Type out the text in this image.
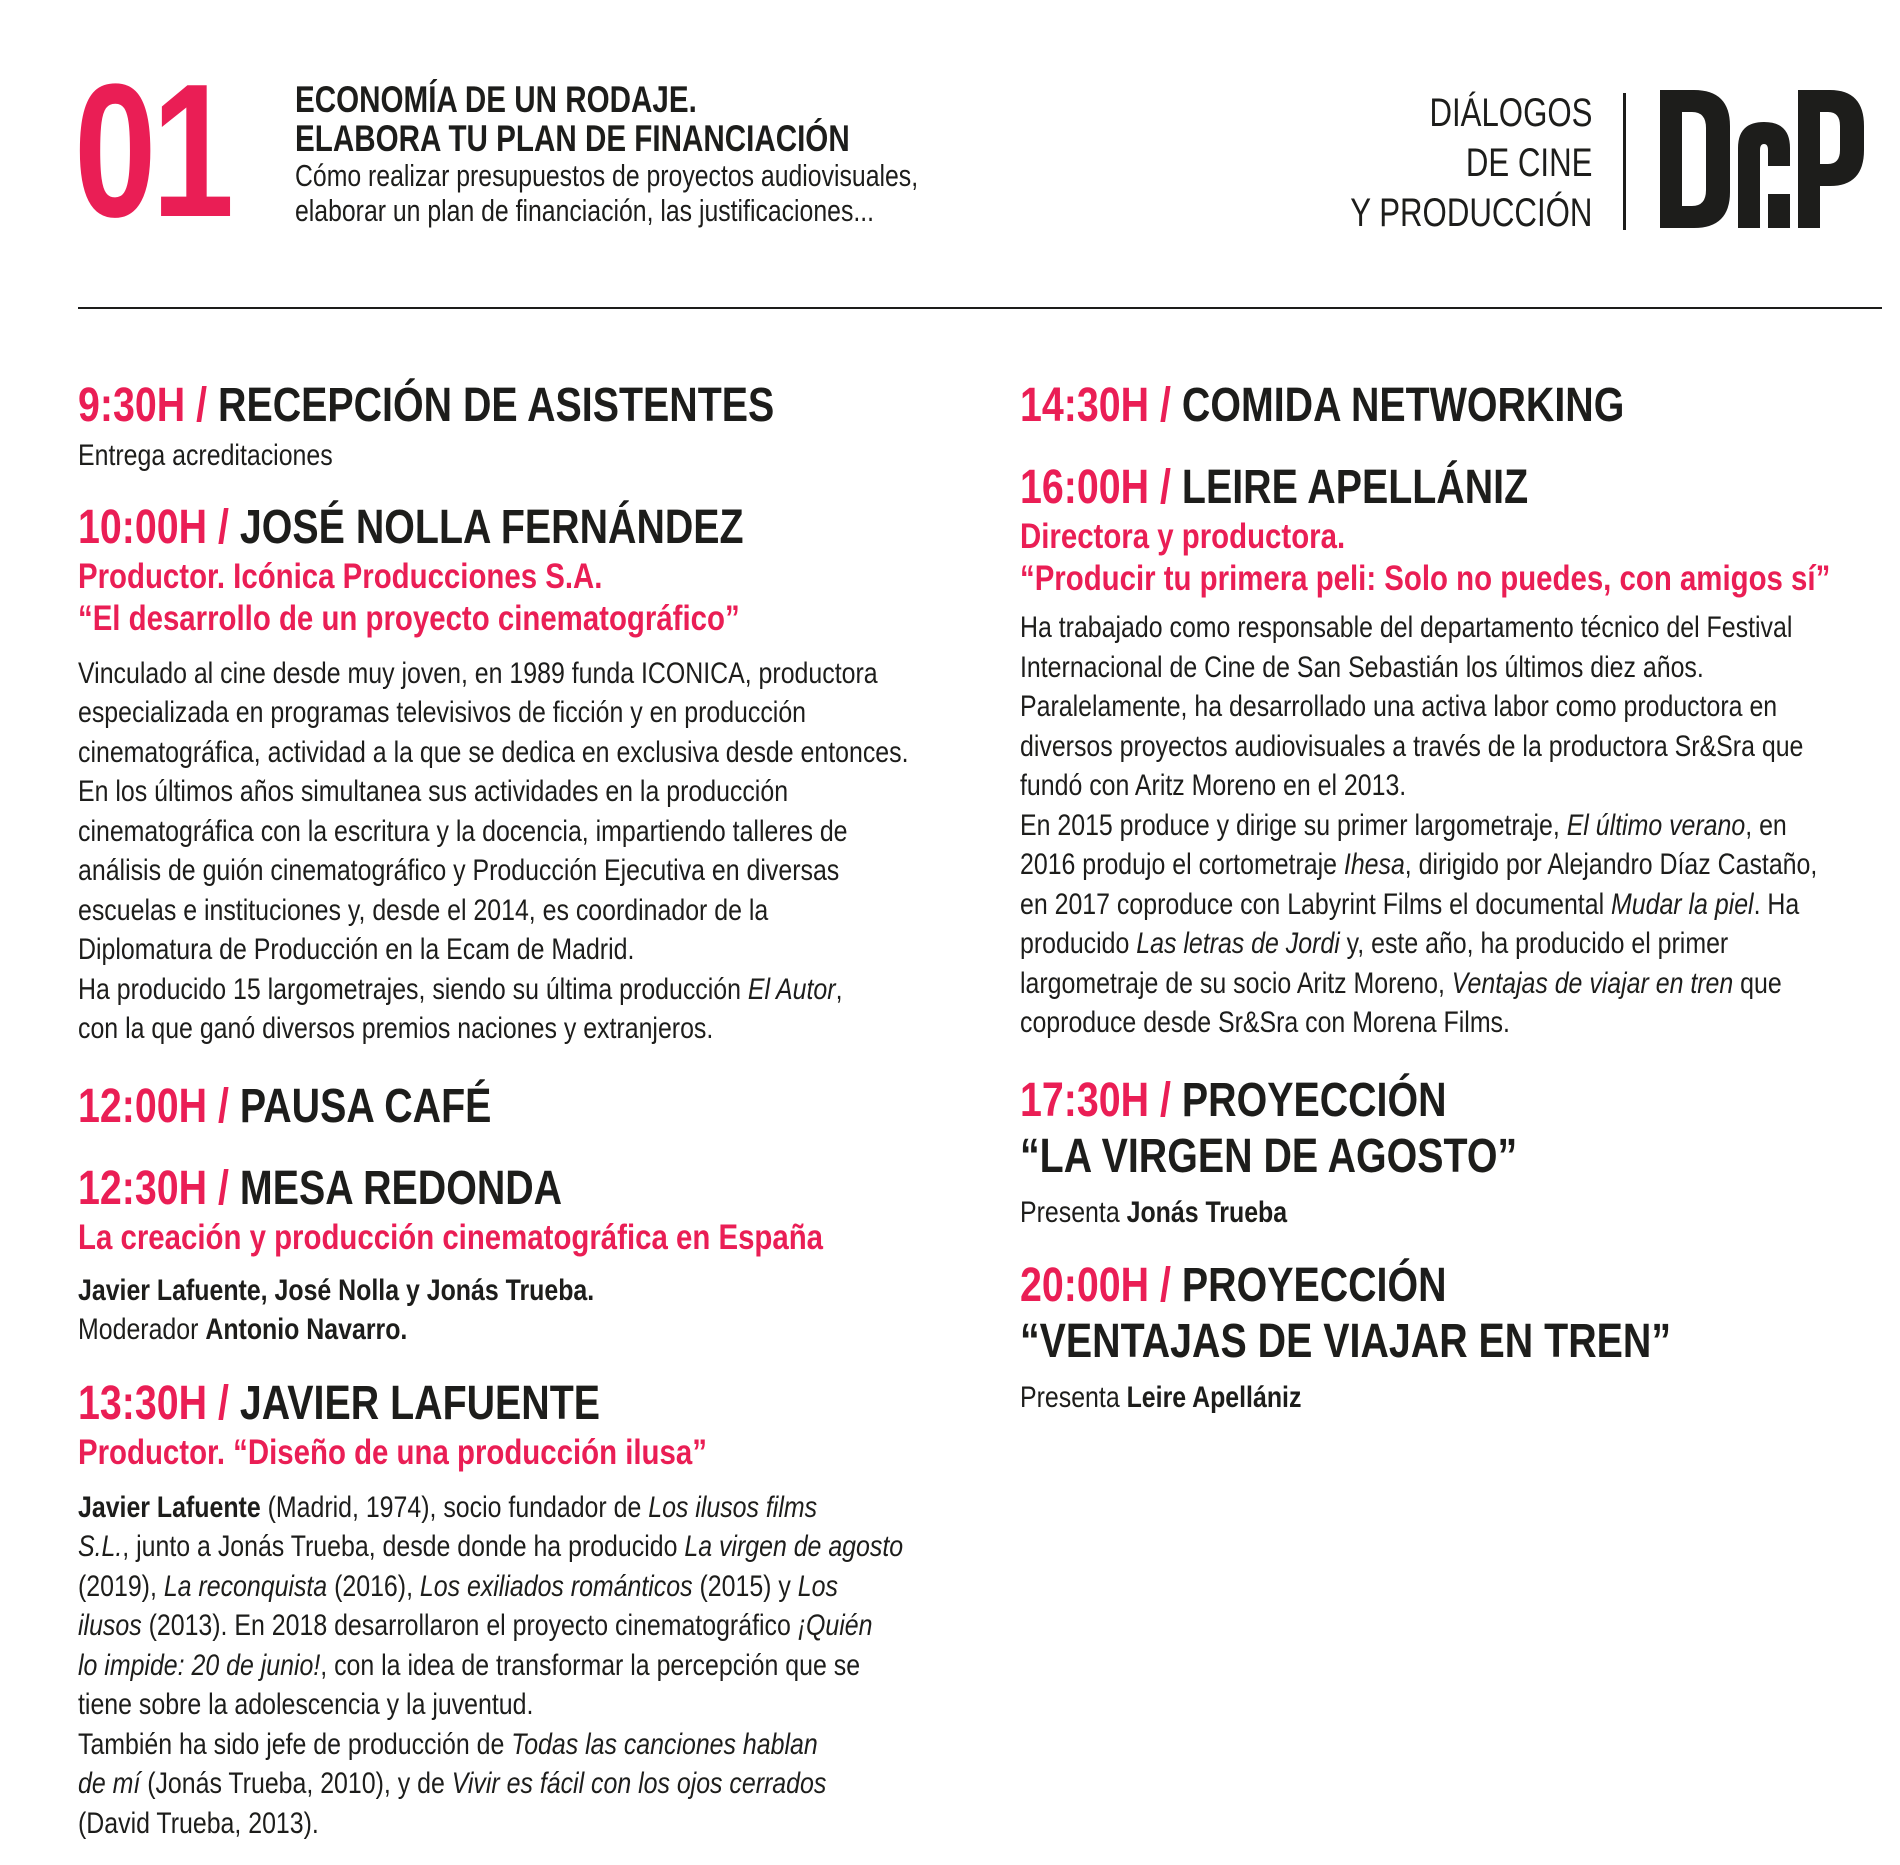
01 ECONOMÍA DE UN RODAJE.
ELABORA TU PLAN DE FINANCIACIÓN
Cómo realizar presupuestos de proyectos audiovisuales,
elaborar un plan de financiación, las justificaciones...
DIÁLOGOS
DE CINE
Y PRODUCCIÓN
9:30H / RECEPCIÓN DE ASISTENTES
Entrega acreditaciones
10:00H / JOSÉ NOLLA FERNÁNDEZ
Productor. Icónica Producciones S.A.
“El desarrollo de un proyecto cinematográfico”
Vinculado al cine desde muy joven, en 1989 funda ICONICA, productora
especializada en programas televisivos de ficción y en producción
cinematográfica, actividad a la que se dedica en exclusiva desde entonces.
En los últimos años simultanea sus actividades en la producción
cinematográfica con la escritura y la docencia, impartiendo talleres de
análisis de guión cinematográfico y Producción Ejecutiva en diversas
escuelas e instituciones y, desde el 2014, es coordinador de la
Diplomatura de Producción en la Ecam de Madrid.
Ha producido 15 largometrajes, siendo su última producción El Autor,
con la que ganó diversos premios naciones y extranjeros.
12:00H / PAUSA CAFÉ
12:30H / MESA REDONDA
La creación y producción cinematográfica en España
Javier Lafuente, José Nolla y Jonás Trueba.
Moderador Antonio Navarro.
13:30H / JAVIER LAFUENTE
Productor. “Diseño de una producción ilusa”
Javier Lafuente (Madrid, 1974), socio fundador de Los ilusos films
S.L., junto a Jonás Trueba, desde donde ha producido La virgen de agosto
(2019), La reconquista (2016), Los exiliados románticos (2015) y Los
ilusos (2013). En 2018 desarrollaron el proyecto cinematográfico ¡Quién
lo impide: 20 de junio!, con la idea de transformar la percepción que se
tiene sobre la adolescencia y la juventud.
También ha sido jefe de producción de Todas las canciones hablan
de mí (Jonás Trueba, 2010), y de Vivir es fácil con los ojos cerrados
(David Trueba, 2013).
14:30H / COMIDA NETWORKING
16:00H / LEIRE APELLÁNIZ
Directora y productora.
“Producir tu primera peli: Solo no puedes, con amigos sí”
Ha trabajado como responsable del departamento técnico del Festival
Internacional de Cine de San Sebastián los últimos diez años.
Paralelamente, ha desarrollado una activa labor como productora en
diversos proyectos audiovisuales a través de la productora Sr&Sra que
fundó con Aritz Moreno en el 2013.
En 2015 produce y dirige su primer largometraje, El último verano, en
2016 produjo el cortometraje Ihesa, dirigido por Alejandro Díaz Castaño,
en 2017 coproduce con Labyrint Films el documental Mudar la piel. Ha
producido Las letras de Jordi y, este año, ha producido el primer
largometraje de su socio Aritz Moreno, Ventajas de viajar en tren que
coproduce desde Sr&Sra con Morena Films.
17:30H / PROYECCIÓN
“LA VIRGEN DE AGOSTO”
Presenta Jonás Trueba
20:00H / PROYECCIÓN
“VENTAJAS DE VIAJAR EN TREN”
Presenta Leire Apellániz
